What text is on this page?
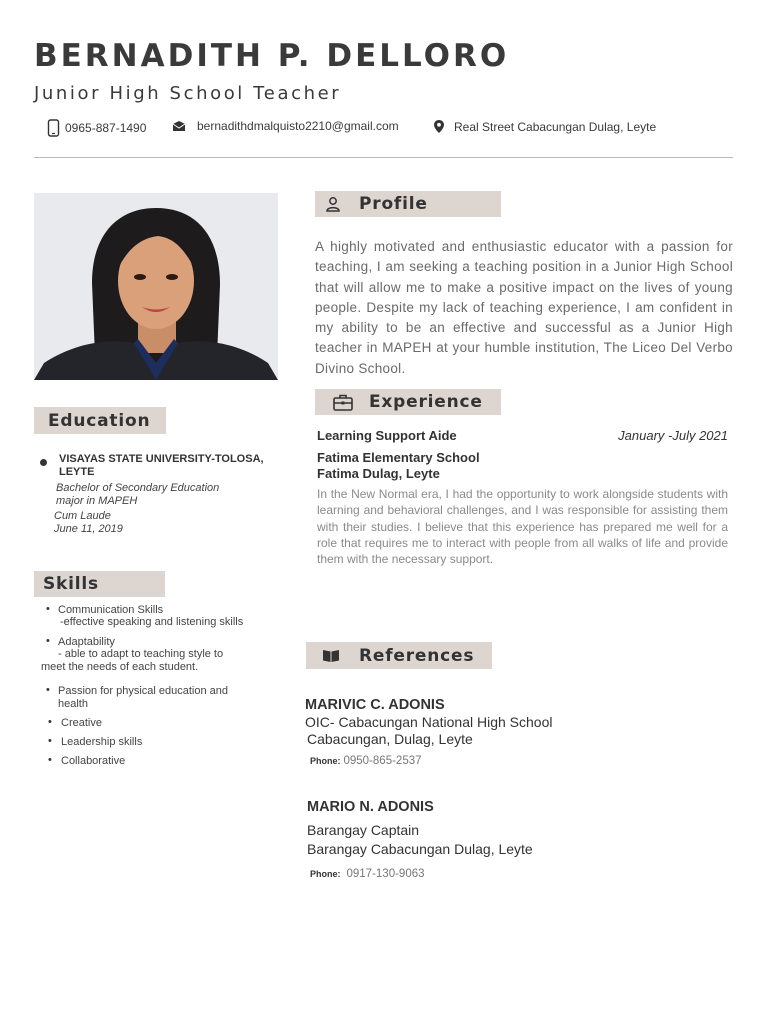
BERNADITH P. DELLORO
Junior High School Teacher
0965-887-1490	bernadithdmalquisto2210@gmail.com	Real Street Cabacungan Dulag, Leyte
Education
VISAYAS STATE UNIVERSITY-TOLOSA, LEYTE
Bachelor of Secondary Education
major in MAPEH
Cum Laude
June 11, 2019
Skills
• Communication Skills
-effective speaking and listening skills
• Adaptability
- able to adapt to teaching style to
meet the needs of each student.
• Passion for physical education and
health
• Creative
• Leadership skills
• Collaborative
Profile
A highly motivated and enthusiastic educator with a passion for teaching, I am seeking a teaching position in a Junior High School that will allow me to make a positive impact on the lives of young people. Despite my lack of teaching experience, I am confident in my ability to be an effective and successful as a Junior High teacher in MAPEH at your humble institution, The Liceo Del Verbo Divino School.
Experience
Learning Support Aide	January -July 2021
Fatima Elementary School
Fatima Dulag, Leyte
In the New Normal era, I had the opportunity to work alongside students with learning and behavioral challenges, and I was responsible for assisting them with their studies. I believe that this experience has prepared me well for a role that requires me to interact with people from all walks of life and provide them with the necessary support.
References
MARIVIC C. ADONIS
OIC- Cabacungan National High School
Cabacungan, Dulag, Leyte
Phone: 0950-865-2537
MARIO N. ADONIS
Barangay Captain
Barangay Cabacungan Dulag, Leyte
Phone: 0917-130-9063
